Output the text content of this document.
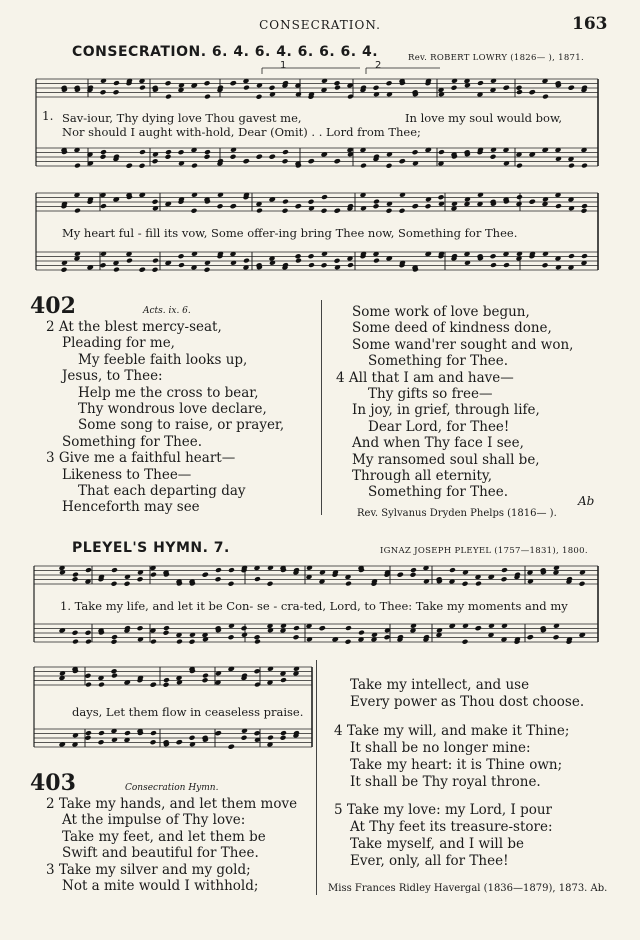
CONSECRATION.	163
CONSECRATION. 6. 4. 6. 4. 6. 6. 6. 4.	Rev. ROBERT LOWRY (1826— ), 1871.
1	2
1. Sav-iour, Thy dying love Thou gavest me,	In love my soul would bow,
Nor should I aught with-hold, Dear (Omit) . . Lord from Thee;
My heart ful - fill its vow, Some offer-ing bring Thee now, Something for Thee.
402	Acts. ix. 6.
2 At the blest mercy-seat,
Pleading for me,
My feeble faith looks up,
Jesus, to Thee:
Help me the cross to bear,
Thy wondrous love declare,
Some song to raise, or prayer,
Something for Thee.
3 Give me a faithful heart—
Likeness to Thee—
That each departing day
Henceforth may see
Some work of love begun,
Some deed of kindness done,
Some wand'rer sought and won,
Something for Thee.
4 All that I am and have—
Thy gifts so free—
In joy, in grief, through life,
Dear Lord, for Thee!
And when Thy face I see,
My ransomed soul shall be,
Through all eternity,
Something for Thee.
Rev. Sylvanus Dryden Phelps (1816— ).
Ab
PLEYEL'S HYMN. 7.	IGNAZ JOSEPH PLEYEL (1757—1831), 1800.
1. Take my life, and let it be Con- se - cra-ted, Lord, to Thee: Take my moments and my
days, Let them flow in ceaseless praise.
403	Consecration Hymn.
2 Take my hands, and let them move
At the impulse of Thy love:
Take my feet, and let them be
Swift and beautiful for Thee.
3 Take my silver and my gold;
Not a mite would I withhold;
Take my intellect, and use
Every power as Thou dost choose.
4 Take my will, and make it Thine;
It shall be no longer mine:
Take my heart: it is Thine own;
It shall be Thy royal throne.
5 Take my love: my Lord, I pour
At Thy feet its treasure-store:
Take myself, and I will be
Ever, only, all for Thee!
Miss Frances Ridley Havergal (1836—1879), 1873. Ab.
